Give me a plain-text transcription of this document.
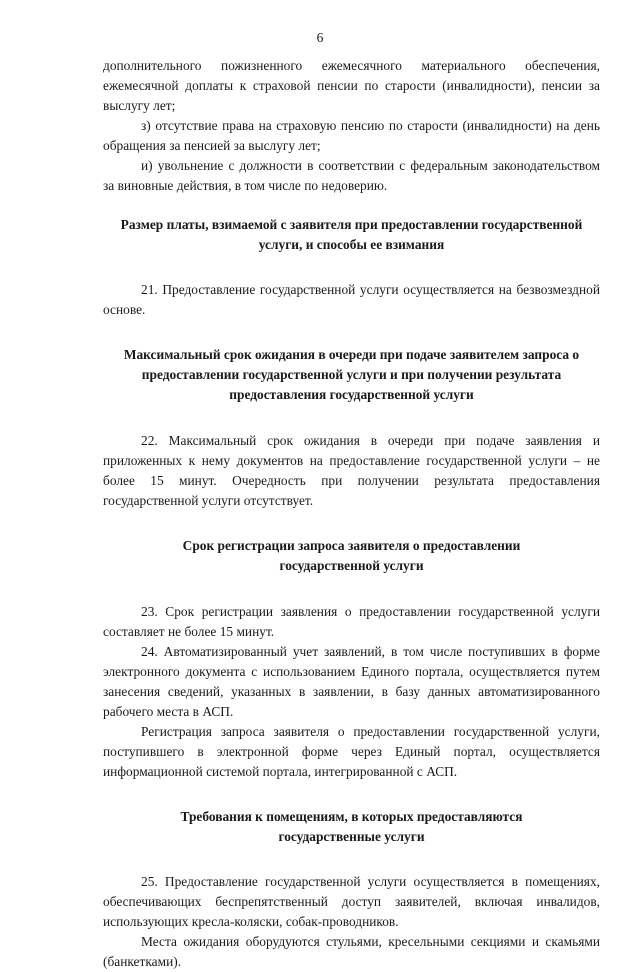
6

дополнительного пожизненного ежемесячного материального обеспечения, ежемесячной доплаты к страховой пенсии по старости (инвалидности), пенсии за выслугу лет;

з) отсутствие права на страховую пенсию по старости (инвалидности) на день обращения за пенсией за выслугу лет;

и) увольнение с должности в соответствии с федеральным законодательством за виновные действия, в том числе по недоверию.

Размер платы, взимаемой с заявителя при предоставлении государственной
услуги, и способы ее взимания

21. Предоставление государственной услуги осуществляется на безвозмездной основе.

Максимальный срок ожидания в очереди при подаче заявителем запроса о
предоставлении государственной услуги и при получении результата
предоставления государственной услуги

22. Максимальный срок ожидания в очереди при подаче заявления и приложенных к нему документов на предоставление государственной услуги – не более 15 минут. Очередность при получении результата предоставления государственной услуги отсутствует.

Срок регистрации запроса заявителя о предоставлении
государственной услуги

23. Срок регистрации заявления о предоставлении государственной услуги составляет не более 15 минут.

24. Автоматизированный учет заявлений, в том числе поступивших в форме электронного документа с использованием Единого портала, осуществляется путем занесения сведений, указанных в заявлении, в базу данных автоматизированного рабочего места в АСП.

Регистрация запроса заявителя о предоставлении государственной услуги, поступившего в электронной форме через Единый портал, осуществляется информационной системой портала, интегрированной с АСП.

Требования к помещениям, в которых предоставляются
государственные услуги

25. Предоставление государственной услуги осуществляется в помещениях, обеспечивающих беспрепятственный доступ заявителей, включая инвалидов, использующих кресла-коляски, собак-проводников.

Места ожидания оборудуются стульями, кресельными секциями и скамьями (банкетками).
